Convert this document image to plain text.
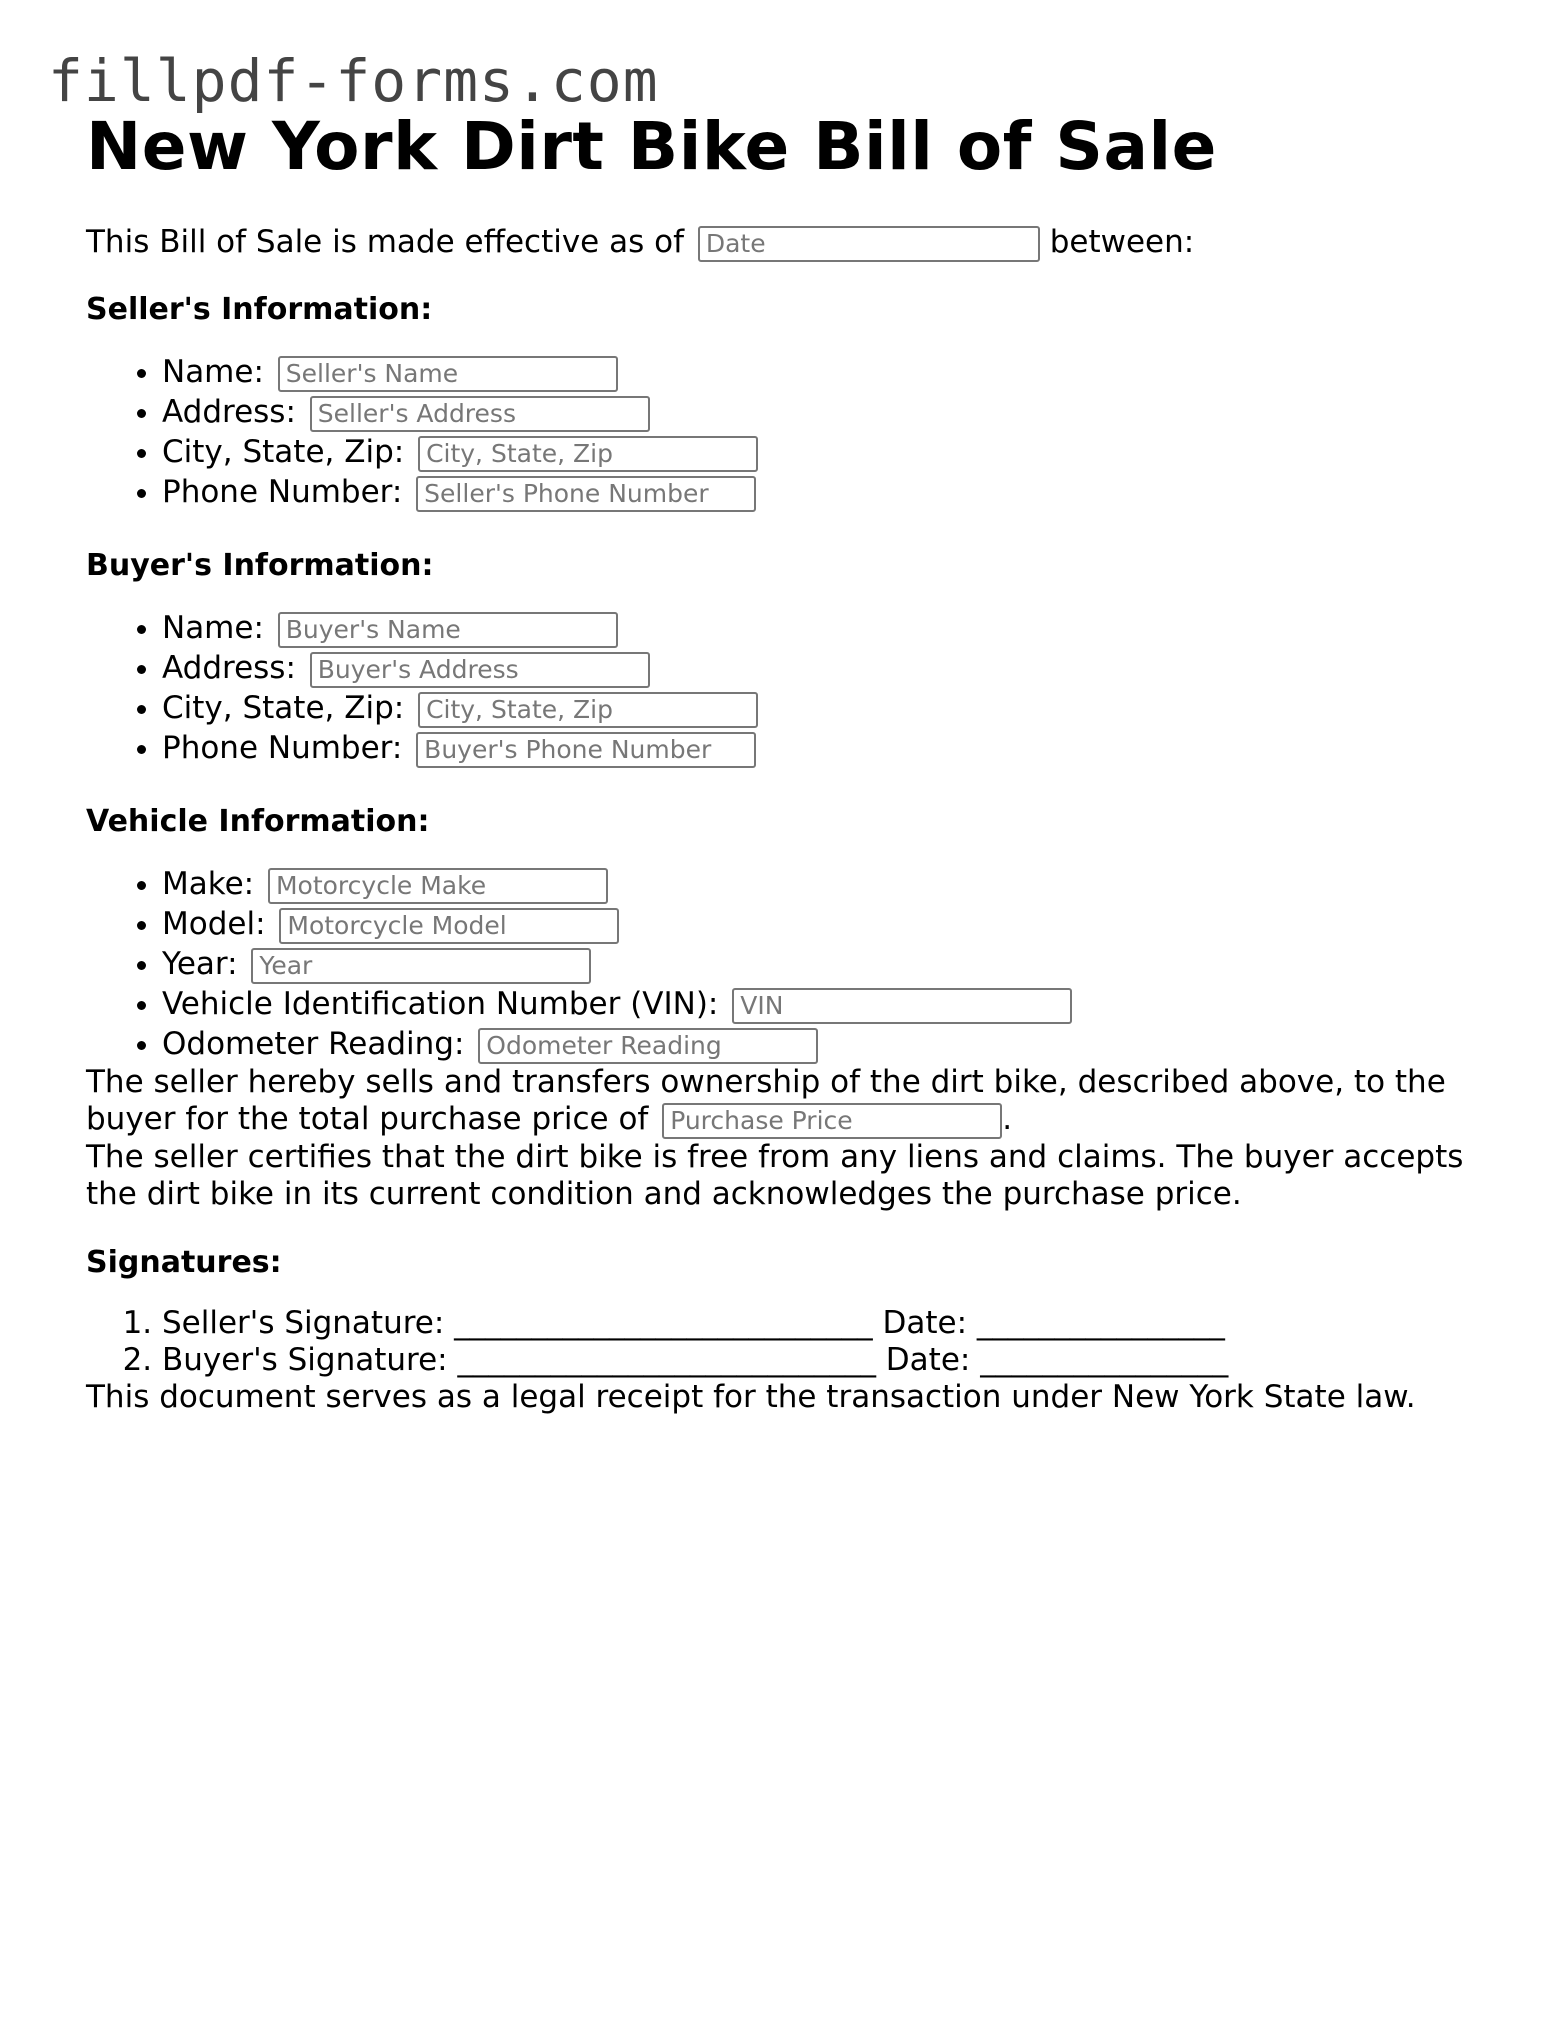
fillpdf-forms.com

New York Dirt Bike Bill of Sale

This Bill of Sale is made effective as of Date	between:

Seller's Information:
• Name: Seller's Name
• Address: Seller's Address
• City, State, Zip: City, State, Zip
• Phone Number: Seller's Phone Number
Buyer's Information:
• Name: Buyer's Name
• Address: Buyer's Address
• City, State, Zip: City, State, Zip
• Phone Number: Buyer's Phone Number
Vehicle Information:
• Make: Motorcycle Make
• Model: Motorcycle Model
• Year: Year
• Vehicle Identification Number (VIN): VIN
• Odometer Reading: Odometer Reading

The seller hereby sells and transfers ownership of the dirt bike, described above, to the buyer for the total purchase price of Purchase Price	.

The seller certifies that the dirt bike is free from any liens and claims. The buyer accepts the dirt bike in its current condition and acknowledges the purchase price.

Signatures:
1. Seller's Signature: ___________________________ Date: ________________
2. Buyer's Signature: ___________________________ Date: ________________

This document serves as a legal receipt for the transaction under New York State law.
